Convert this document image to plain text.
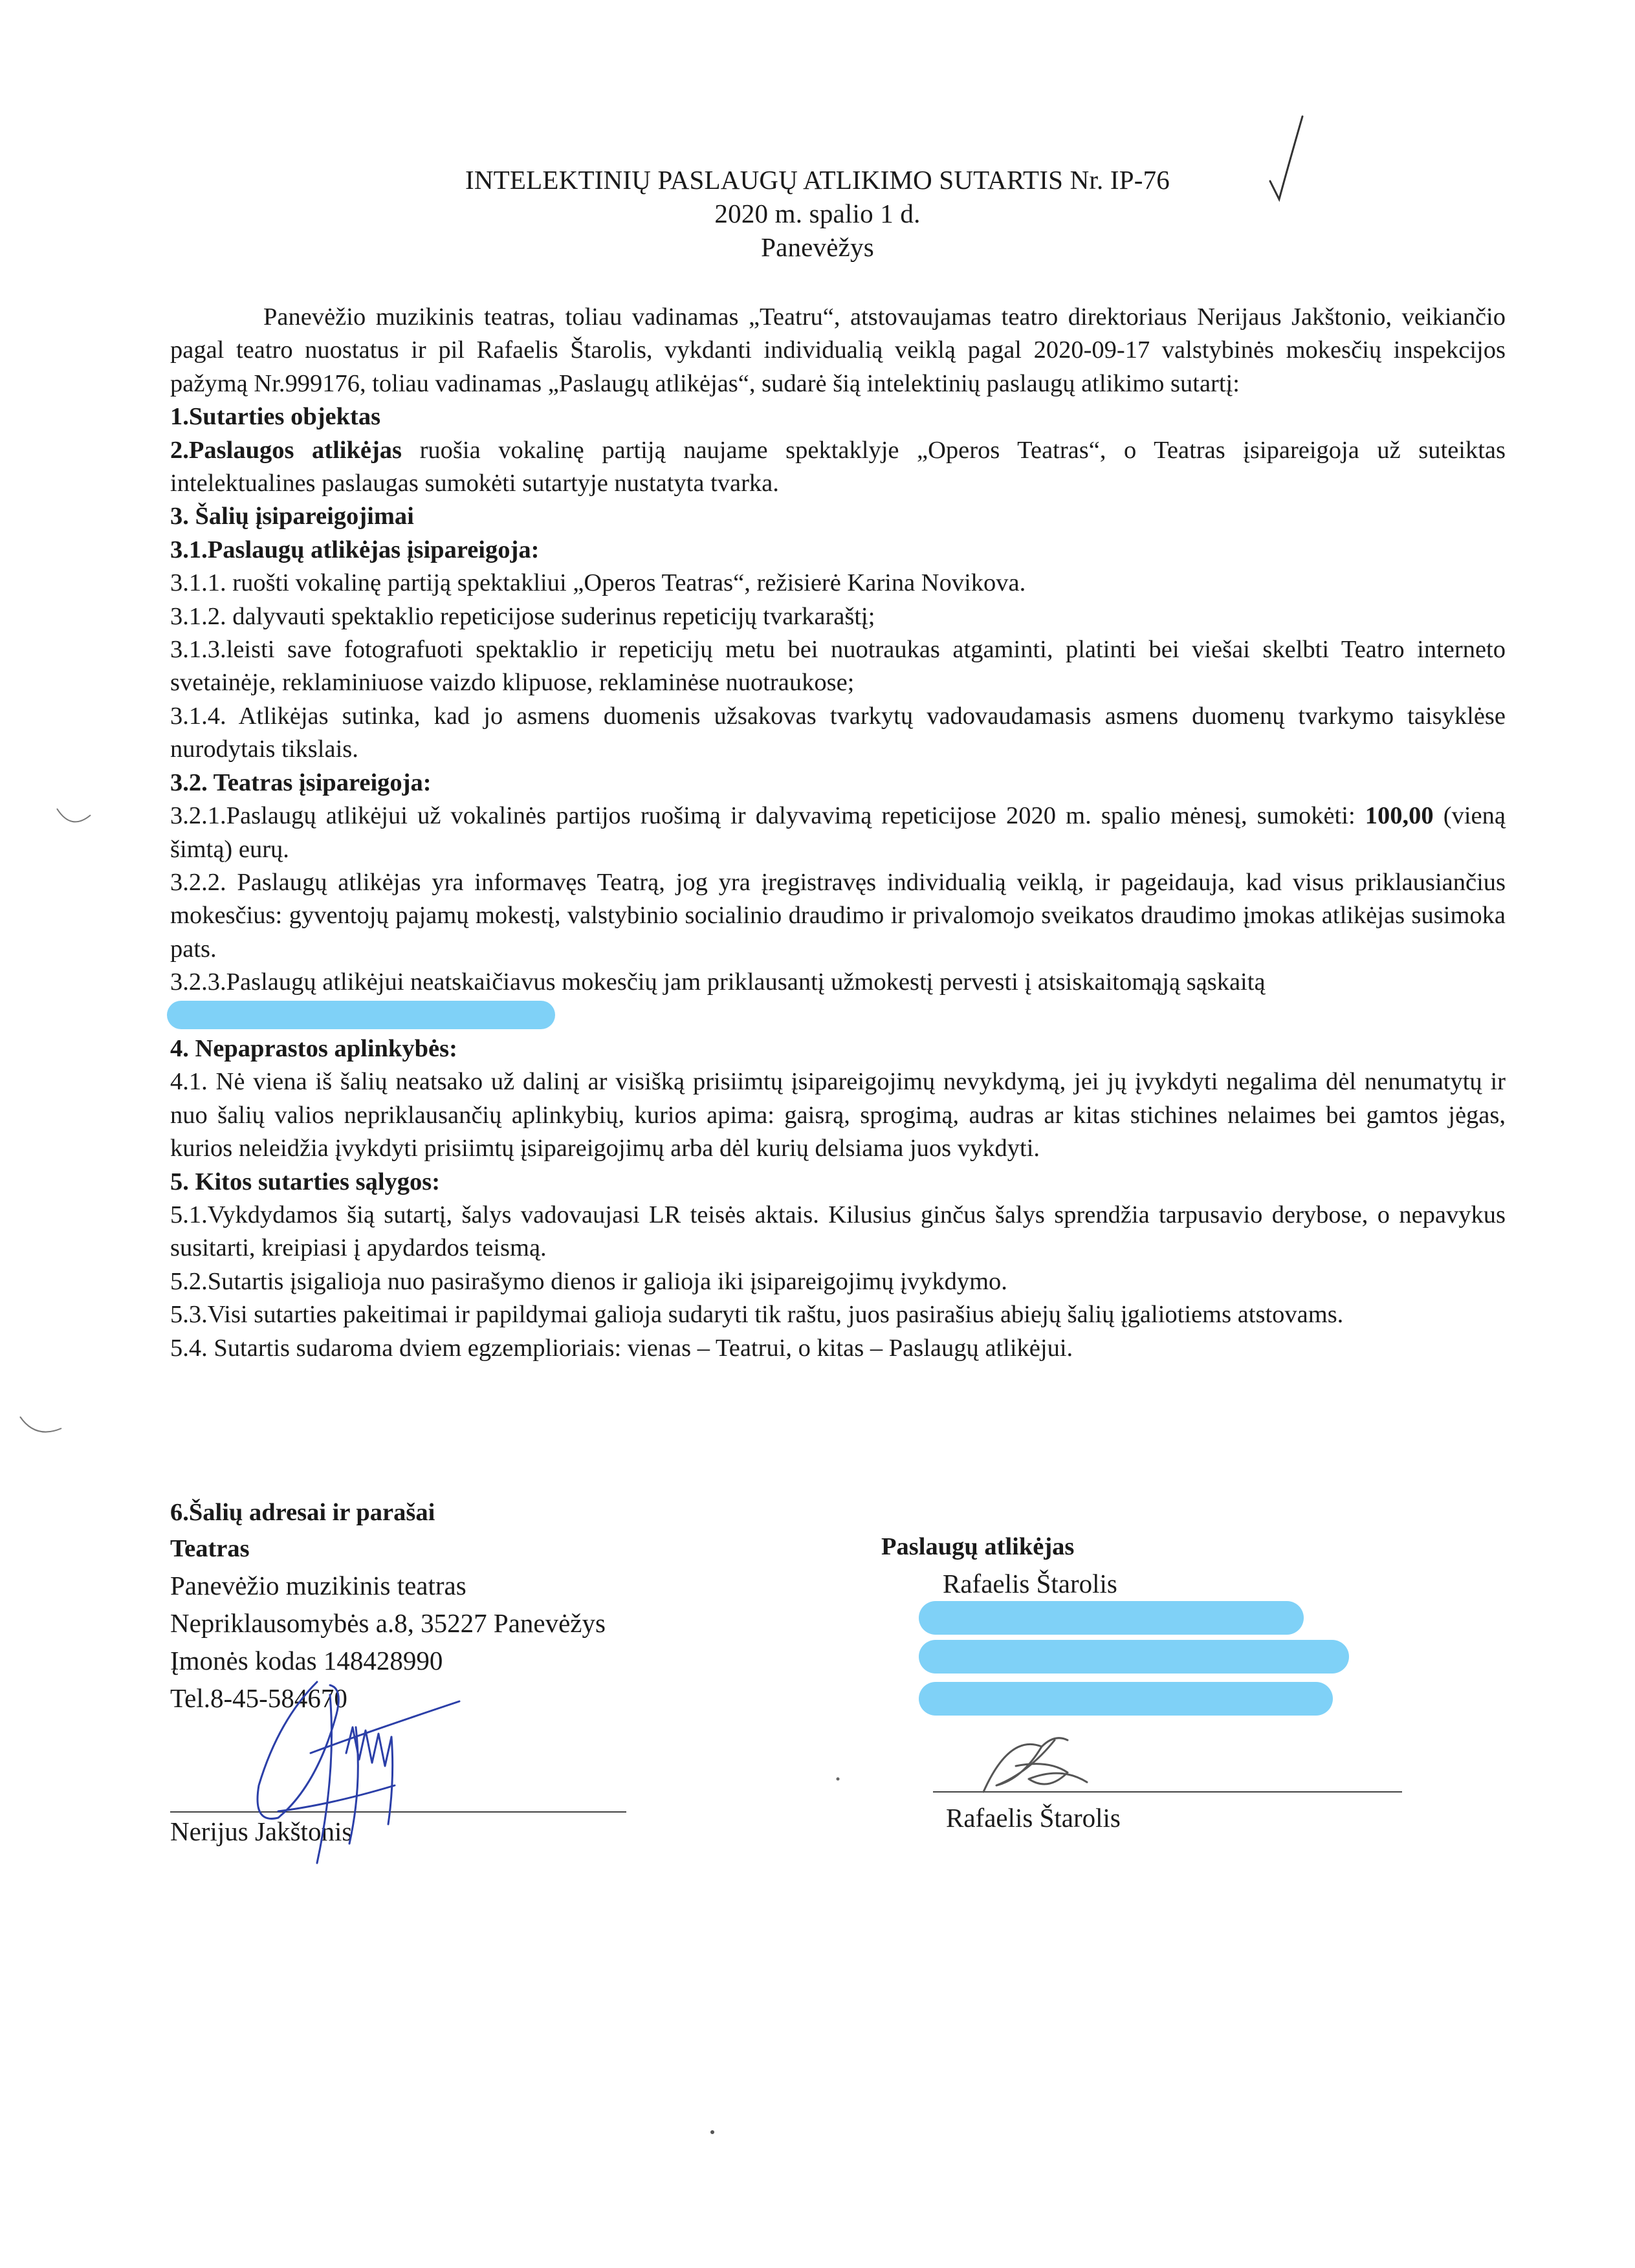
INTELEKTINIŲ PASLAUGŲ ATLIKIMO SUTARTIS Nr. IP-76
2020 m. spalio 1 d.
Panevėžys

Panevėžio muzikinis teatras, toliau vadinamas „Teatru“, atstovaujamas teatro direktoriaus Nerijaus Jakštonio, veikiančio pagal teatro nuostatus ir pil Rafaelis Štarolis, vykdanti individualią veiklą pagal 2020-09-17 valstybinės mokesčių inspekcijos pažymą Nr.999176, toliau vadinamas „Paslaugų atlikėjas“, sudarė šią intelektinių paslaugų atlikimo sutartį:

1.Sutarties objektas

2.Paslaugos atlikėjas ruošia vokalinę partiją naujame spektaklyje „Operos Teatras“, o Teatras įsipareigoja už suteiktas intelektualines paslaugas sumokėti sutartyje nustatyta tvarka.

3. Šalių įsipareigojimai

3.1.Paslaugų atlikėjas įsipareigoja:

3.1.1. ruošti vokalinę partiją spektakliui „Operos Teatras“, režisierė Karina Novikova.

3.1.2. dalyvauti spektaklio repeticijose suderinus repeticijų tvarkaraštį;

3.1.3.leisti save fotografuoti spektaklio ir repeticijų metu bei nuotraukas atgaminti, platinti bei viešai skelbti Teatro interneto svetainėje, reklaminiuose vaizdo klipuose, reklaminėse nuotraukose;

3.1.4. Atlikėjas sutinka, kad jo asmens duomenis užsakovas tvarkytų vadovaudamasis asmens duomenų tvarkymo taisyklėse nurodytais tikslais.

3.2. Teatras įsipareigoja:

3.2.1.Paslaugų atlikėjui už vokalinės partijos ruošimą ir dalyvavimą repeticijose 2020 m. spalio mėnesį, sumokėti: 100,00 (vieną šimtą) eurų.

3.2.2. Paslaugų atlikėjas yra informavęs Teatrą, jog yra įregistravęs individualią veiklą, ir pageidauja, kad visus priklausiančius mokesčius: gyventojų pajamų mokestį, valstybinio socialinio draudimo ir privalomojo sveikatos draudimo įmokas atlikėjas susimoka pats.

3.2.3.Paslaugų atlikėjui neatskaičiavus mokesčių jam priklausantį užmokestį pervesti į atsiskaitomąją sąskaitą

4. Nepaprastos aplinkybės:

4.1. Nė viena iš šalių neatsako už dalinį ar visišką prisiimtų įsipareigojimų nevykdymą, jei jų įvykdyti negalima dėl nenumatytų ir nuo šalių valios nepriklausančių aplinkybių, kurios apima: gaisrą, sprogimą, audras ar kitas stichines nelaimes bei gamtos jėgas, kurios neleidžia įvykdyti prisiimtų įsipareigojimų arba dėl kurių delsiama juos vykdyti.

5. Kitos sutarties sąlygos:

5.1.Vykdydamos šią sutartį, šalys vadovaujasi LR teisės aktais. Kilusius ginčus šalys sprendžia tarpusavio derybose, o nepavykus susitarti, kreipiasi į apydardos teismą.

5.2.Sutartis įsigalioja nuo pasirašymo dienos ir galioja iki įsipareigojimų įvykdymo.

5.3.Visi sutarties pakeitimai ir papildymai galioja sudaryti tik raštu, juos pasirašius abiejų šalių įgaliotiems atstovams.

5.4. Sutartis sudaroma dviem egzemplioriais: vienas – Teatrui, o kitas – Paslaugų atlikėjui.

6.Šalių adresai ir parašai
Teatras
Panevėžio muzikinis teatras
Nepriklausomybės a.8, 35227 Panevėžys
Įmonės kodas 148428990
Tel.8-45-584670
Nerijus Jakštonis
Paslaugų atlikėjas
Rafaelis Štarolis
Rafaelis Štarolis
